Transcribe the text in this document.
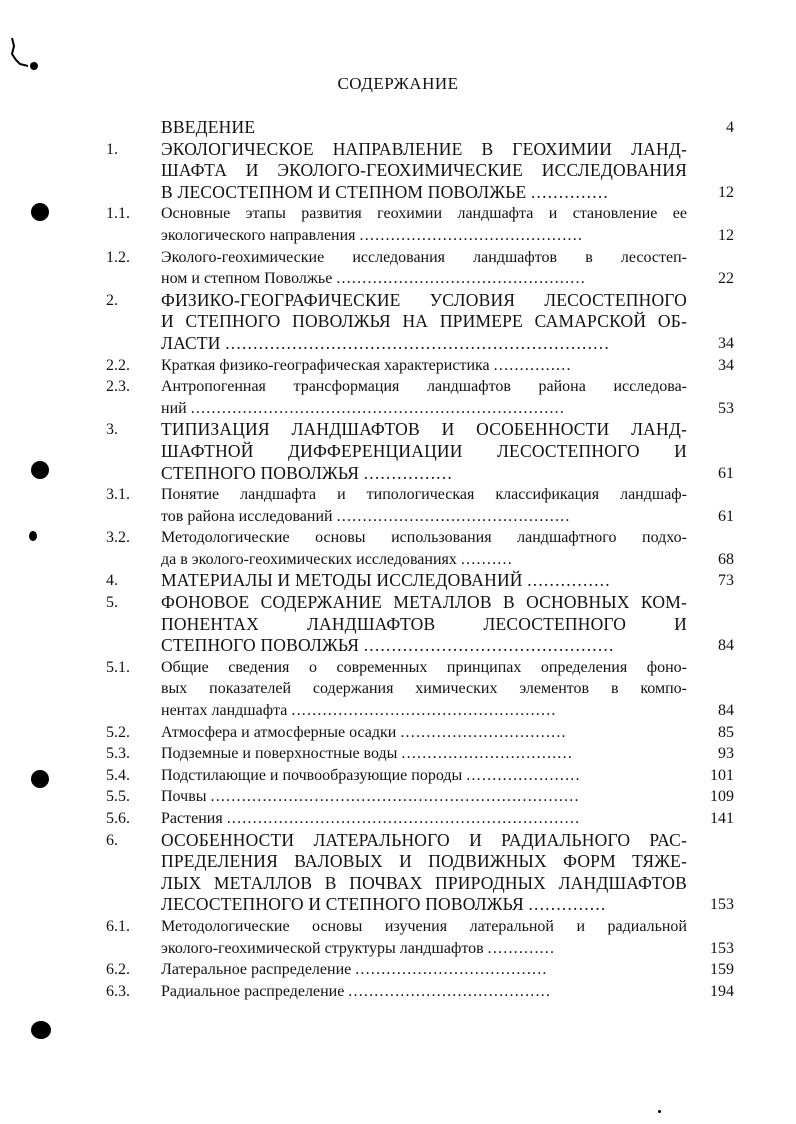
СОДЕРЖАНИЕ
ВВЕДЕНИЕ	4
1. ЭКОЛОГИЧЕСКОЕ НАПРАВЛЕНИЕ В ГЕОХИМИИ ЛАНД-
ШАФТА И ЭКОЛОГО-ГЕОХИМИЧЕСКИЕ ИССЛЕДОВАНИЯ
В ЛЕСОСТЕПНОМ И СТЕПНОМ ПОВОЛЖЬЕ ..............	12
1.1. Основные этапы развития геохимии ландшафта и становление ее
экологического направления ...........................................	12
1.2. Эколого-геохимические исследования ландшафтов в лесостеп-
ном и степном Поволжье ................................................	22
2. ФИЗИКО-ГЕОГРАФИЧЕСКИЕ УСЛОВИЯ ЛЕСОСТЕПНОГО
И СТЕПНОГО ПОВОЛЖЬЯ НА ПРИМЕРЕ САМАРСКОЙ ОБ-
ЛАСТИ .....................................................................	34
2.2. Краткая физико-географическая характеристика ...............	34
2.3. Антропогенная трансформация ландшафтов района исследова-
ний ........................................................................	53
3. ТИПИЗАЦИЯ ЛАНДШАФТОВ И ОСОБЕННОСТИ ЛАНД-
ШАФТНОЙ ДИФФЕРЕНЦИАЦИИ ЛЕСОСТЕПНОГО И
СТЕПНОГО ПОВОЛЖЬЯ ................	61
3.1. Понятие ландшафта и типологическая классификация ландшаф-
тов района исследований .............................................	61
3.2. Методологические основы использования ландшафтного подхо-
да в эколого-геохимических исследованиях ..........	68
4. МАТЕРИАЛЫ И МЕТОДЫ ИССЛЕДОВАНИЙ ...............	73
5. ФОНОВОЕ СОДЕРЖАНИЕ МЕТАЛЛОВ В ОСНОВНЫХ КОМ-
ПОНЕНТАХ ЛАНДШАФТОВ ЛЕСОСТЕПНОГО И
СТЕПНОГО ПОВОЛЖЬЯ .............................................	84
5.1. Общие сведения о современных принципах определения фоно-
вых показателей содержания химических элементов в компо-
нентах ландшафта ...................................................	84
5.2. Атмосфера и атмосферные осадки ................................	85
5.3. Подземные и поверхностные воды .................................	93
5.4. Подстилающие и почвообразующие породы ......................	101
5.5. Почвы .......................................................................	109
5.6. Растения ....................................................................	141
6. ОСОБЕННОСТИ ЛАТЕРАЛЬНОГО И РАДИАЛЬНОГО РАС-
ПРЕДЕЛЕНИЯ ВАЛОВЫХ И ПОДВИЖНЫХ ФОРМ ТЯЖЕ-
ЛЫХ МЕТАЛЛОВ В ПОЧВАХ ПРИРОДНЫХ ЛАНДШАФТОВ
ЛЕСОСТЕПНОГО И СТЕПНОГО ПОВОЛЖЬЯ ..............	153
6.1. Методологические основы изучения латеральной и радиальной
эколого-геохимической структуры ландшафтов .............	153
6.2. Латеральное распределение .....................................	159
6.3. Радиальное распределение .......................................	194
